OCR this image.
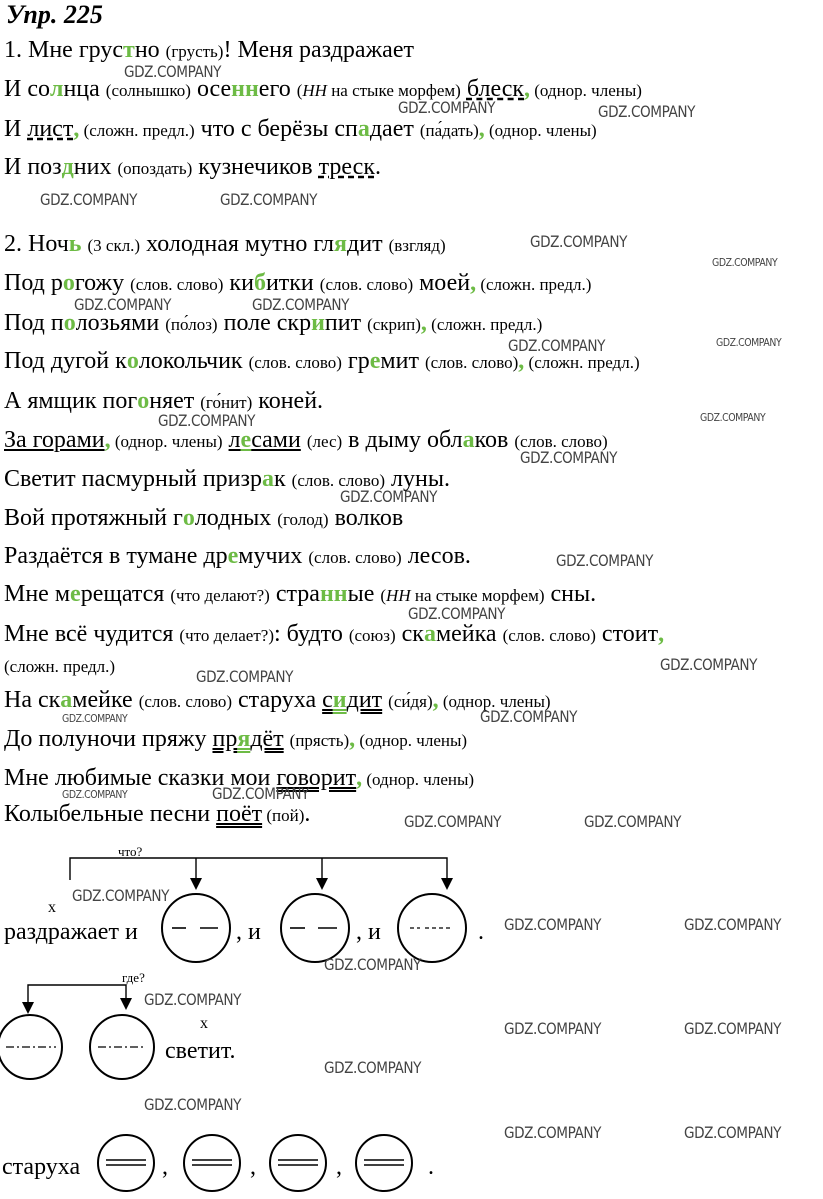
Упр. 225
1. Мне грустно (грусть)! Меня раздражает
И солнца (солнышко) осеннего (НН на стыке морфем) блеск, (однор. члены)
И лист, (сложн. предл.) что с берёзы спадает (па́дать), (однор. члены)
И поздних (опоздать) кузнечиков треск.
2. Ночь (3 скл.) холодная мутно глядит (взгляд)
Под рогожу (слов. слово) кибитки (слов. слово) моей, (сложн. предл.)
Под полозьями (по́лоз) поле скрипит (скрип), (сложн. предл.)
Под дугой колокольчик (слов. слово) гремит (слов. слово), (сложн. предл.)
А ямщик погоняет (го́нит) коней.
За горами, (однор. члены) лесами (лес) в дыму облаков (слов. слово)
Светит пасмурный призрак (слов. слово) луны.
Вой протяжный голодных (голод) волков
Раздаётся в тумане дремучих (слов. слово) лесов.
Мне мерещатся (что делают?) странные (НН на стыке морфем) сны.
Мне всё чудится (что делает?): будто (союз) скамейка (слов. слово) стоит,
(сложн. предл.)
На скамейке (слов. слово) старуха сидит (си́дя), (однор. члены)
До полуночи пряжу прядёт (прясть), (однор. члены)
Мне любимые сказки мои говорит, (однор. члены)
Колыбельные песни поёт (пой).
что?
x
раздражает и	, и	, и	.
где?
x
светит.
старуха	,	,	,	.
GDZ.COMPANY
GDZ.COMPANY	GDZ.COMPANY
GDZ.COMPANY	GDZ.COMPANY
GDZ.COMPANY
GDZ.COMPANY
GDZ.COMPANY	GDZ.COMPANY
GDZ.COMPANY	GDZ.COMPANY
GDZ.COMPANY	GDZ.COMPANY
GDZ.COMPANY
GDZ.COMPANY
GDZ.COMPANY
GDZ.COMPANY
GDZ.COMPANY
GDZ.COMPANY
GDZ.COMPANY
GDZ.COMPANY
GDZ.COMPANY	GDZ.COMPANY
GDZ.COMPANY	GDZ.COMPANY
GDZ.COMPANY
GDZ.COMPANY	GDZ.COMPANY
GDZ.COMPANY
GDZ.COMPANY
GDZ.COMPANY	GDZ.COMPANY
GDZ.COMPANY
GDZ.COMPANY
GDZ.COMPANY	GDZ.COMPANY
